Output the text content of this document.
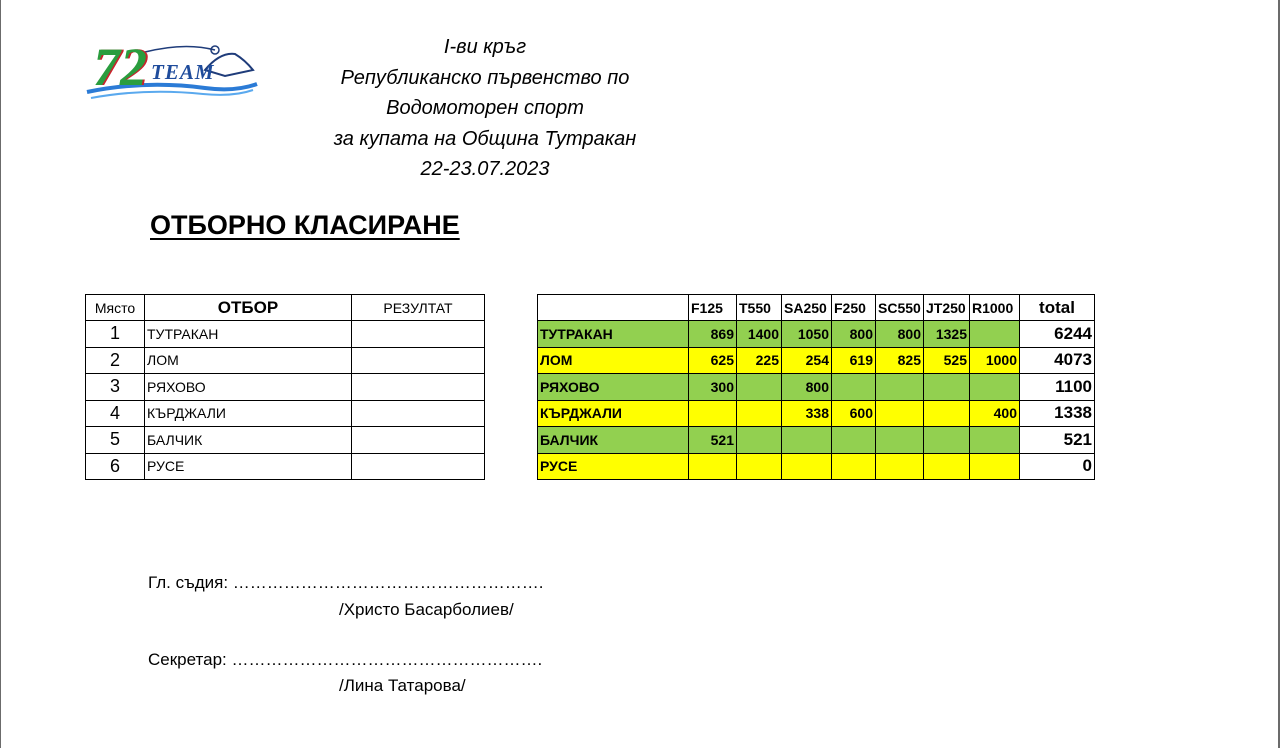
72 TEAM
I-ви кръг
Републиканско първенство по
Водомоторен спорт
за купата на Община Тутракан
22-23.07.2023
ОТБОРНО КЛАСИРАНЕ
Място	ОТБОР	РЕЗУЛТАТ
1	ТУТРАКАН	
2	ЛОМ	
3	РЯХОВО	
4	КЪРДЖАЛИ	
5	БАЛЧИК	
6	РУСЕ	
	F125	T550	SA250	F250	SC550	JT250	R1000	total
ТУТРАКАН	869	1400	1050	800	800	1325		6244
ЛОМ	625	225	254	619	825	525	1000	4073
РЯХОВО	300		800					1100
КЪРДЖАЛИ			338	600			400	1338
БАЛЧИК	521							521
РУСЕ								0
Гл. съдия: ……………………………………………….
/Христо Басарболиев/
Секретар: ……………………………………………….
/Лина Татарова/
